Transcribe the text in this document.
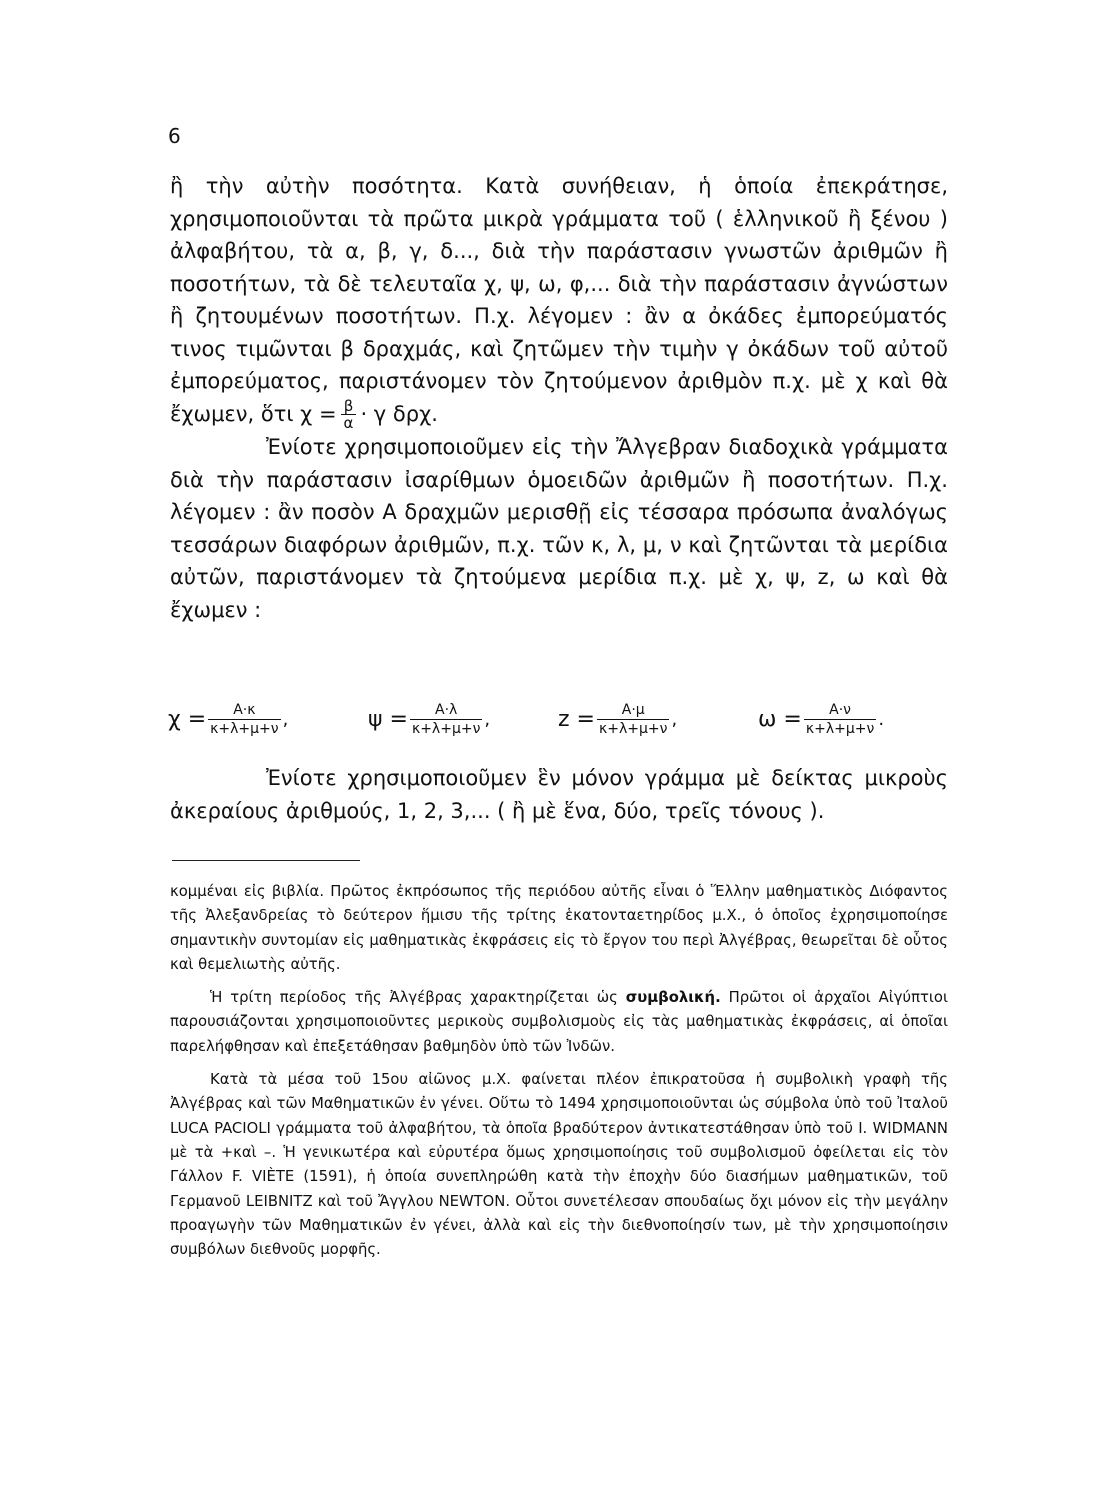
6

ἢ τὴν αὐτὴν ποσότητα. Κατὰ συνήθειαν, ἡ ὁποία ἐπεκράτησε, χρησιμοποιοῦνται τὰ πρῶτα μικρὰ γράμματα τοῦ ( ἑλληνικοῦ ἢ ξένου ) ἀλφαβήτου, τὰ α, β, γ, δ..., διὰ τὴν παράστασιν γνωστῶν ἀριθμῶν ἢ ποσοτήτων, τὰ δὲ τελευταῖα χ, ψ, ω, φ,... διὰ τὴν παράστασιν ἀγνώστων ἢ ζητουμένων ποσοτήτων. Π.χ. λέγομεν : ἂν α ὀκάδες ἐμπορεύματός τινος τιμῶνται β δραχμάς, καὶ ζητῶμεν τὴν τιμὴν γ ὀκάδων τοῦ αὐτοῦ ἐμπορεύματος, παριστάνομεν τὸν ζητούμενον ἀριθμὸν π.χ. μὲ χ καὶ θὰ ἔχωμεν, ὅτι $\chi = \frac{\beta}{\alpha} \cdot \gamma$ δρχ.

Ἐνίοτε χρησιμοποιοῦμεν εἰς τὴν Ἄλγεβραν διαδοχικὰ γράμματα διὰ τὴν παράστασιν ἰσαρίθμων ὁμοειδῶν ἀριθμῶν ἢ ποσοτήτων. Π.χ. λέγομεν : ἂν ποσὸν Α δραχμῶν μερισθῇ εἰς τέσσαρα πρόσωπα ἀναλόγως τεσσάρων διαφόρων ἀριθμῶν, π.χ. τῶν κ, λ, μ, ν καὶ ζητῶνται τὰ μερίδια αὐτῶν, παριστάνομεν τὰ ζητούμενα μερίδια π.χ. μὲ χ, ψ, z, ω καὶ θὰ ἔχωμεν :

$\chi = \frac{A\cdot\kappa}{\kappa+\lambda+\mu+\nu}$ ,	$\psi = \frac{A\cdot\lambda}{\kappa+\lambda+\mu+\nu}$ ,	$z = \frac{A\cdot\mu}{\kappa+\lambda+\mu+\nu}$ ,	$\omega = \frac{A\cdot\nu}{\kappa+\lambda+\mu+\nu}$ .

Ἐνίοτε χρησιμοποιοῦμεν ἓν μόνον γράμμα μὲ δείκτας μικροὺς ἀκεραίους ἀριθμούς, 1, 2, 3,... ( ἢ μὲ ἕνα, δύο, τρεῖς τόνους ).

κομμέναι εἰς βιβλία. Πρῶτος ἐκπρόσωπος τῆς περιόδου αὐτῆς εἶναι ὁ Ἕλλην μαθηματικὸς Διόφαντος τῆς Ἀλεξανδρείας τὸ δεύτερον ἥμισυ τῆς τρίτης ἑκατονταετηρίδος μ.Χ., ὁ ὁποῖος ἐχρησιμοποίησε σημαντικὴν συντομίαν εἰς μαθηματικὰς ἐκφράσεις εἰς τὸ ἔργον του περὶ Ἀλγέβρας, θεωρεῖται δὲ οὗτος καὶ θεμελιωτὴς αὐτῆς.

Ἡ τρίτη περίοδος τῆς Ἀλγέβρας χαρακτηρίζεται ὡς συμβολική. Πρῶτοι οἱ ἀρχαῖοι Αἰγύπτιοι παρουσιάζονται χρησιμοποιοῦντες μερικοὺς συμβολισμοὺς εἰς τὰς μαθηματικὰς ἐκφράσεις, αἱ ὁποῖαι παρελήφθησαν καὶ ἐπεξετάθησαν βαθμηδὸν ὑπὸ τῶν Ἰνδῶν.

Κατὰ τὰ μέσα τοῦ 15ου αἰῶνος μ.Χ. φαίνεται πλέον ἐπικρατοῦσα ἡ συμβολικὴ γραφὴ τῆς Ἀλγέβρας καὶ τῶν Μαθηματικῶν ἐν γένει. Οὕτω τὸ 1494 χρησιμοποιοῦνται ὡς σύμβολα ὑπὸ τοῦ Ἰταλοῦ LUCA PACIOLI γράμματα τοῦ ἀλφαβήτου, τὰ ὁποῖα βραδύτερον ἀντικατεστάθησαν ὑπὸ τοῦ I. WIDMANN μὲ τὰ +καὶ –. Ἡ γενικωτέρα καὶ εὐρυτέρα ὅμως χρησιμοποίησις τοῦ συμβολισμοῦ ὀφείλεται εἰς τὸν Γάλλον F. VIÈTE (1591), ἡ ὁποία συνεπληρώθη κατὰ τὴν ἐποχὴν δύο διασήμων μαθηματικῶν, τοῦ Γερμανοῦ LEIBNITZ καὶ τοῦ Ἄγγλου NEWTON. Οὗτοι συνετέλεσαν σπουδαίως ὄχι μόνον εἰς τὴν μεγάλην προαγωγὴν τῶν Μαθηματικῶν ἐν γένει, ἀλλὰ καὶ εἰς τὴν διεθνοποίησίν των, μὲ τὴν χρησιμοποίησιν συμβόλων διεθνοῦς μορφῆς.
